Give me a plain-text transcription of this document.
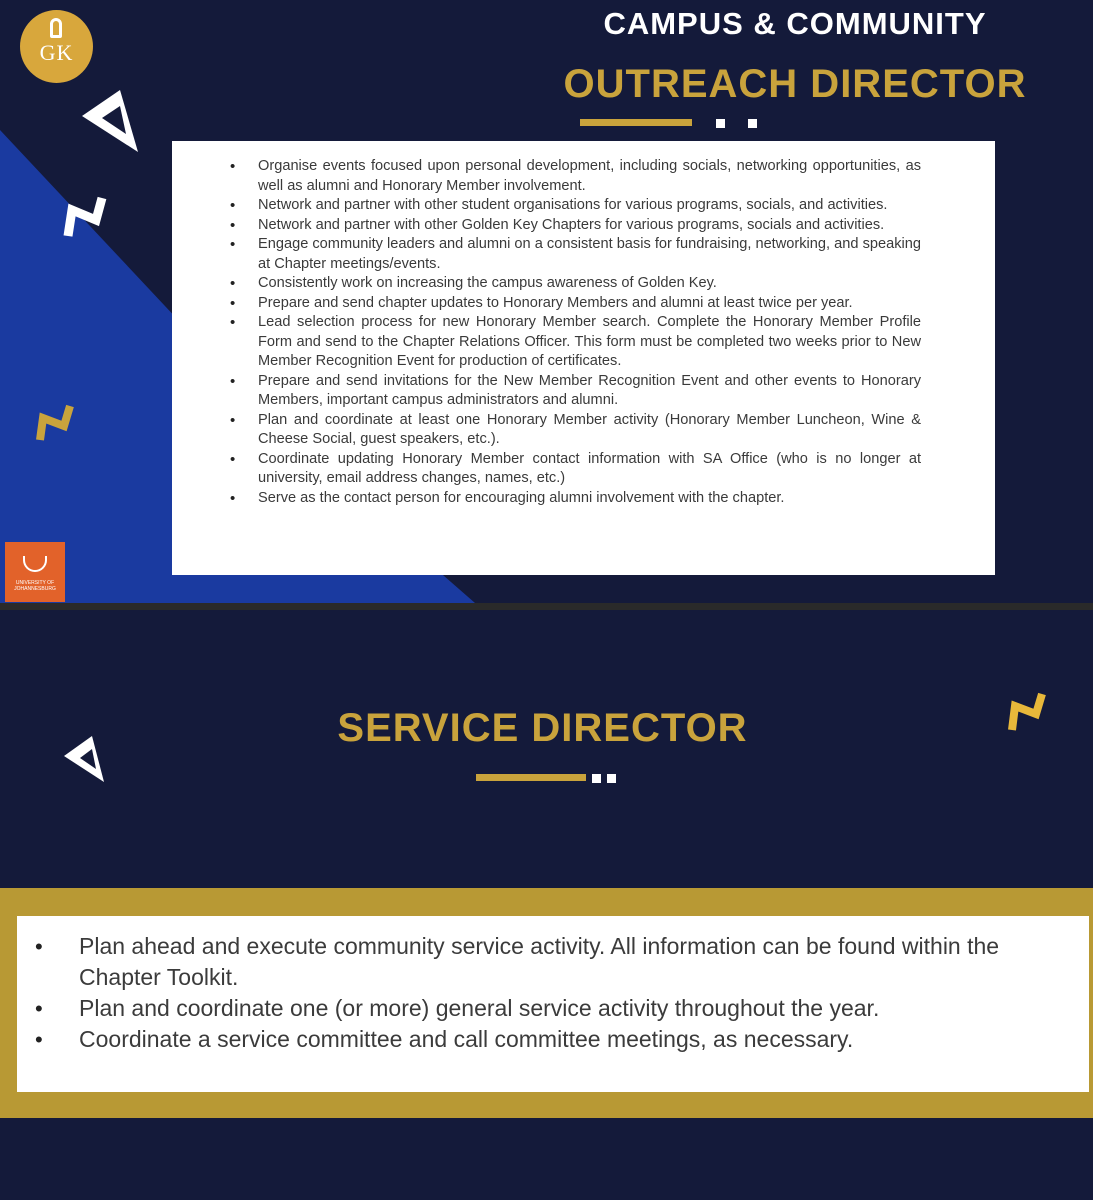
GK
CAMPUS & COMMUNITY
OUTREACH DIRECTOR
• Organise events focused upon personal development, including socials, networking opportunities, as well as alumni and Honorary Member involvement.
• Network and partner with other student organisations for various programs, socials, and activities.
• Network and partner with other Golden Key Chapters for various programs, socials and activities.
• Engage community leaders and alumni on a consistent basis for fundraising, networking, and speaking at Chapter meetings/events.
• Consistently work on increasing the campus awareness of Golden Key.
• Prepare and send chapter updates to Honorary Members and alumni at least twice per year.
• Lead selection process for new Honorary Member search. Complete the Honorary Member Profile Form and send to the Chapter Relations Officer. This form must be completed two weeks prior to New Member Recognition Event for production of certificates.
• Prepare and send invitations for the New Member Recognition Event and other events to Honorary Members, important campus administrators and alumni.
• Plan and coordinate at least one Honorary Member activity (Honorary Member Luncheon, Wine & Cheese Social, guest speakers, etc.).
• Coordinate updating Honorary Member contact information with SA Office (who is no longer at university, email address changes, names, etc.)
• Serve as the contact person for encouraging alumni involvement with the chapter.
UNIVERSITY OF JOHANNESBURG
SERVICE DIRECTOR
• Plan ahead and execute community service activity. All information can be found within the Chapter Toolkit.
• Plan and coordinate one (or more) general service activity throughout the year.
• Coordinate a service committee and call committee meetings, as necessary.
